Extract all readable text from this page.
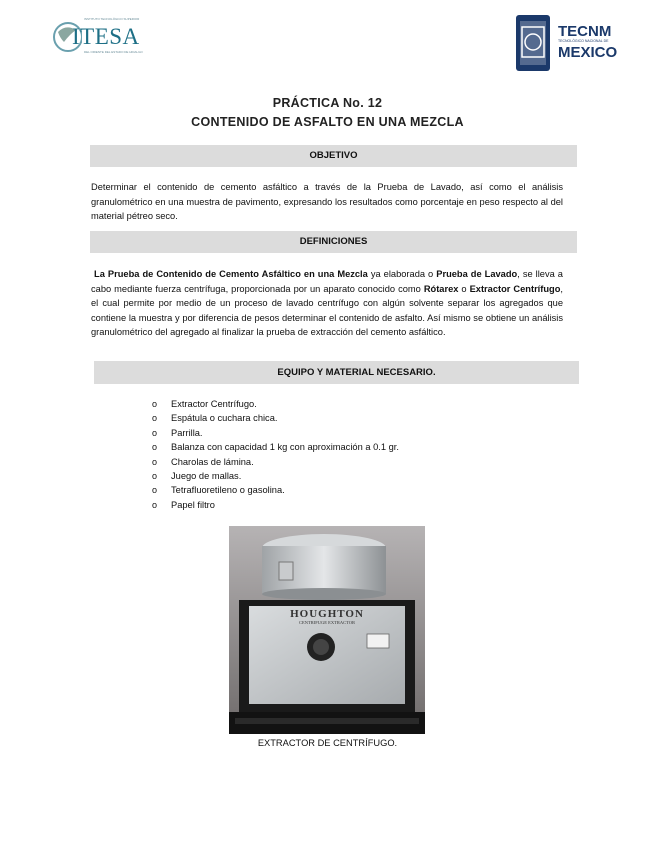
INSTITUTO TECNOLÓGICO SUPERIOR
ITESA
DEL ORIENTE DEL ESTADO DE HIDALGO
TECNM
TECNOLÓGICO NACIONAL DE
MEXICO
PRÁCTICA No. 12
CONTENIDO DE ASFALTO EN UNA MEZCLA
OBJETIVO
Determinar el contenido de cemento asfáltico a través de la Prueba de Lavado, así como el análisis granulométrico en una muestra de pavimento, expresando los resultados como porcentaje en peso respecto al del material pétreo seco.
DEFINICIONES
La Prueba de Contenido de Cemento Asfáltico en una Mezcla ya elaborada o Prueba de Lavado, se lleva a cabo mediante fuerza centrífuga, proporcionada por un aparato conocido como Rótarex o Extractor Centrífugo, el cual permite por medio de un proceso de lavado centrífugo con algún solvente separar los agregados que contiene la muestra y por diferencia de pesos determinar el contenido de asfalto. Así mismo se obtiene un análisis granulométrico del agregado al finalizar la prueba de extracción del cemento asfáltico.
EQUIPO Y MATERIAL NECESARIO.
o Extractor Centrífugo.
o Espátula o cuchara chica.
o Parrilla.
o Balanza con capacidad 1 kg con aproximación a 0.1 gr.
o Charolas de lámina.
o Juego de mallas.
o Tetrafluoretileno o gasolina.
o Papel filtro
HOUGHTON
CENTRIFUGE EXTRACTOR
EXTRACTOR DE CENTRÍFUGO.
